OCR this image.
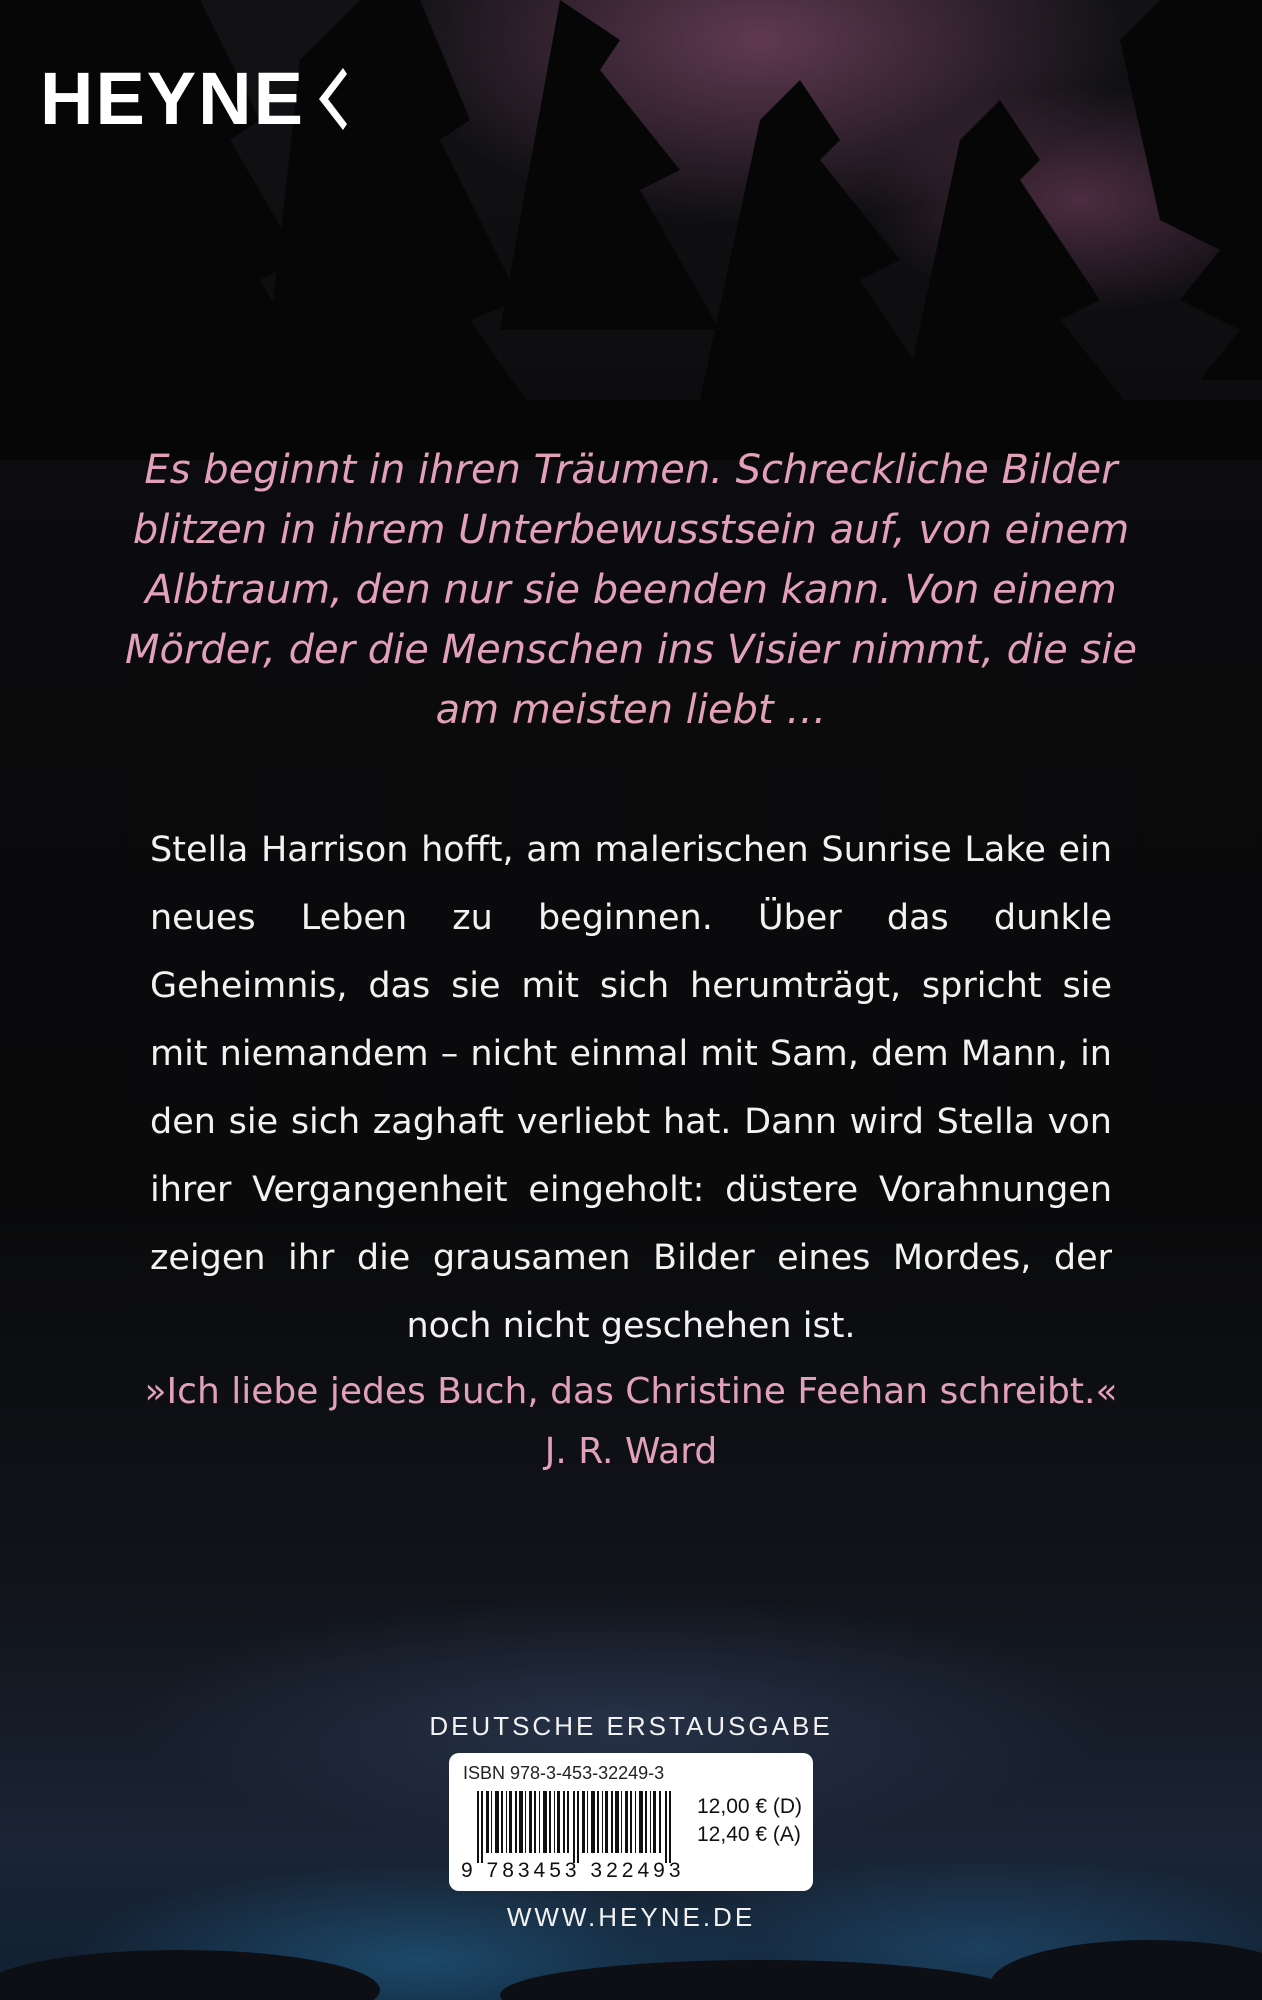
HEYNE
Es beginnt in ihren Träumen. Schreckliche Bilder
blitzen in ihrem Unterbewusstsein auf, von einem
Albtraum, den nur sie beenden kann. Von einem
Mörder, der die Menschen ins Visier nimmt, die sie
am meisten liebt …
Stella Harrison hofft, am malerischen Sunrise Lake ein neues Leben zu beginnen. Über das dunkle Geheimnis, das sie mit sich herumträgt, spricht sie mit niemandem – nicht einmal mit Sam, dem Mann, in den sie sich zaghaft verliebt hat. Dann wird Stella von ihrer Vergangenheit eingeholt: düstere Vorahnungen zeigen ihr die grausamen Bilder eines Mordes, der noch nicht geschehen ist.
»Ich liebe jedes Buch, das Christine Feehan schreibt.«
J. R. Ward
DEUTSCHE ERSTAUSGABE
ISBN 978-3-453-32249-3
9 783453 322493
12,00 € (D)
12,40 € (A)
WWW.HEYNE.DE
